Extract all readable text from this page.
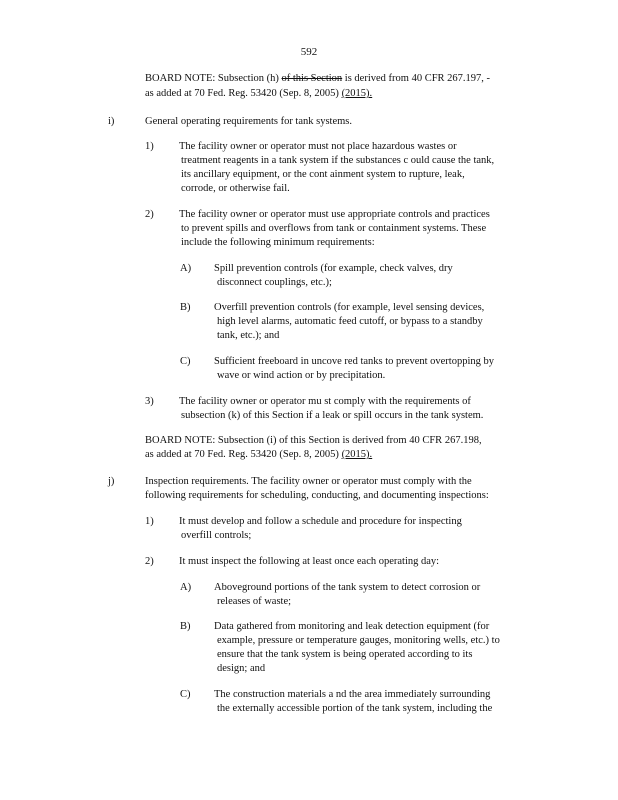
592
BOARD NOTE: Subsection (h) of this Section is derived from 40 CFR 267.197, -
as added at 70 Fed. Reg. 53420 (Sep. 8, 2005) (2015).
i)	General operating requirements for tank systems.
1) The facility owner or operator must not place hazardous wastes or
treatment reagents in a tank system if the substances c ould cause the tank,
its ancillary equipment, or the cont ainment system to rupture, leak,
corrode, or otherwise fail.
2) The facility owner or operator must use appropriate controls and practices
to prevent spills and overflows from tank or containment systems. These
include the following minimum requirements:
A) Spill prevention controls (for example, check valves, dry
disconnect couplings, etc.);
B) Overfill prevention controls (for example, level sensing devices,
high level alarms, automatic feed cutoff, or bypass to a standby
tank, etc.); and
C) Sufficient freeboard in uncove red tanks to prevent overtopping by
wave or wind action or by precipitation.
3) The facility owner or operator mu st comply with the requirements of
subsection (k) of this Section if a leak or spill occurs in the tank system.
BOARD NOTE: Subsection (i) of this Section is derived from 40 CFR 267.198,
as added at 70 Fed. Reg. 53420 (Sep. 8, 2005) (2015).
j)	Inspection requirements. The facility owner or operator must comply with the
following requirements for scheduling, conducting, and documenting inspections:
1) It must develop and follow a schedule and procedure for inspecting
overfill controls;
2) It must inspect the following at least once each operating day:
A) Aboveground portions of the tank system to detect corrosion or
releases of waste;
B) Data gathered from monitoring and leak detection equipment (for
example, pressure or temperature gauges, monitoring wells, etc.) to
ensure that the tank system is being operated according to its
design; and
C) The construction materials a nd the area immediately surrounding
the externally accessible portion of the tank system, including the
